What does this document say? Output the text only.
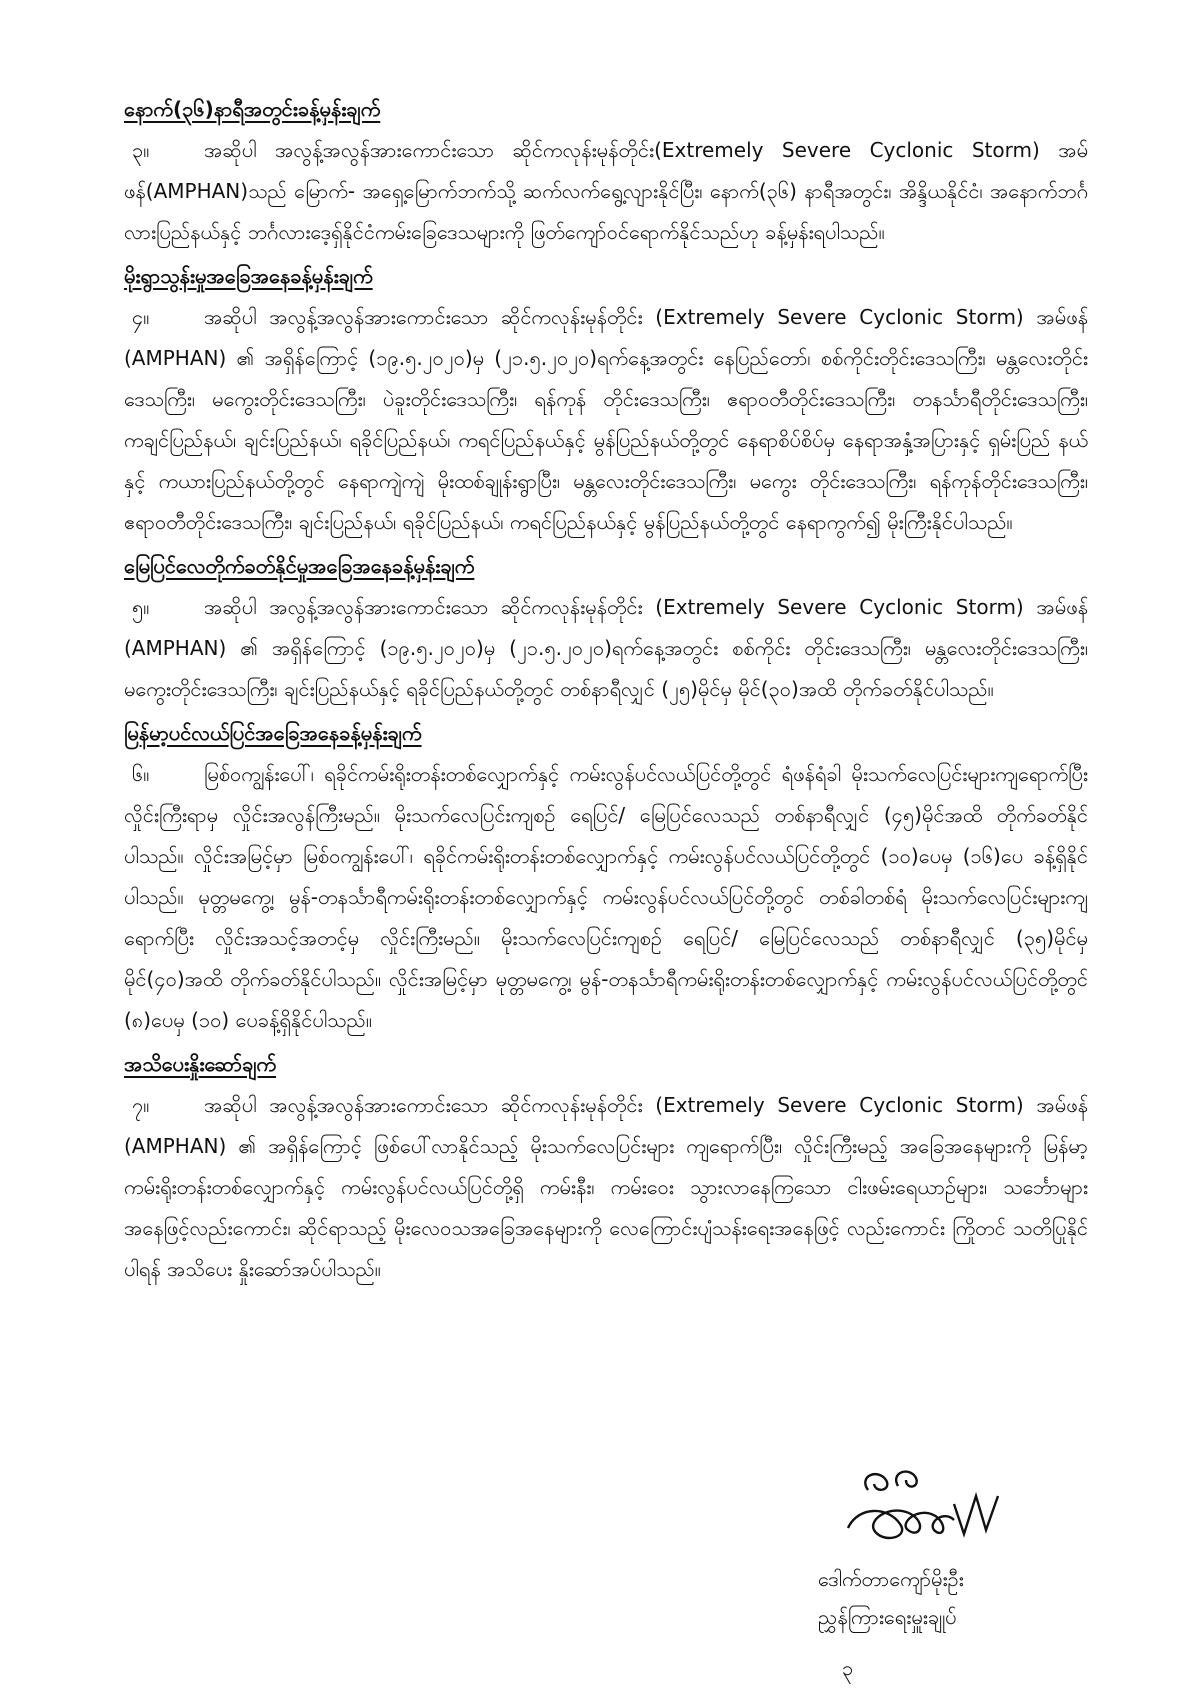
နောက်(၃၆)နာရီအတွင်းခန့်မှန်းချက်

၃။	အဆိုပါ အလွန့်အလွန်အားကောင်းသော ဆိုင်ကလုန်းမုန်တိုင်း(Extremely Severe Cyclonic Storm) အမ်ဖန်(AMPHAN)သည် မြောက်- အရှေ့မြောက်ဘက်သို့ ဆက်လက်ရွေ့လျားနိုင်ပြီး၊ နောက်(၃၆) နာရီအတွင်း၊ အိန္ဒိယနိုင်ငံ၊ အနောက်ဘင်္ဂလားပြည်နယ်နှင့် ဘင်္ဂလားဒေ့ရှ်နိုင်ငံကမ်းခြေဒေသများကို ဖြတ်ကျော်ဝင်ရောက်နိုင်သည်ဟု ခန့်မှန်းရပါသည်။

မိုးရွာသွန်းမှုအခြေအနေခန့်မှန်းချက်

၄။	အဆိုပါ အလွန့်အလွန်အားကောင်းသော ဆိုင်ကလုန်းမုန်တိုင်း (Extremely Severe Cyclonic Storm) အမ်ဖန် (AMPHAN) ၏ အရှိန်ကြောင့် (၁၉.၅.၂၀၂၀)မှ (၂၁.၅.၂၀၂၀)ရက်နေ့အတွင်း နေပြည်တော်၊ စစ်ကိုင်းတိုင်းဒေသကြီး၊ မန္တလေးတိုင်းဒေသကြီး၊ မကွေးတိုင်းဒေသကြီး၊ ပဲခူးတိုင်းဒေသကြီး၊ ရန်ကုန် တိုင်းဒေသကြီး၊ ဧရာဝတီတိုင်းဒေသကြီး၊ တနင်္သာရီတိုင်းဒေသကြီး၊ ကချင်ပြည်နယ်၊ ချင်းပြည်နယ်၊ ရခိုင်ပြည်နယ်၊ ကရင်ပြည်နယ်နှင့် မွန်ပြည်နယ်တို့တွင် နေရာစိပ်စိပ်မှ နေရာအနှံ့အပြားနှင့် ရှမ်းပြည် နယ်နှင့် ကယားပြည်နယ်တို့တွင် နေရာကျဲကျဲ မိုးထစ်ချုန်းရွာပြီး၊ မန္တလေးတိုင်းဒေသကြီး၊ မကွေး တိုင်းဒေသကြီး၊ ရန်ကုန်တိုင်းဒေသကြီး၊ ဧရာဝတီတိုင်းဒေသကြီး၊ ချင်းပြည်နယ်၊ ရခိုင်ပြည်နယ်၊ ကရင်ပြည်နယ်နှင့် မွန်ပြည်နယ်တို့တွင် နေရာကွက်၍ မိုးကြီးနိုင်ပါသည်။

မြေပြင်လေတိုက်ခတ်နိုင်မှုအခြေအနေခန့်မှန်းချက်

၅။	အဆိုပါ အလွန့်အလွန်အားကောင်းသော ဆိုင်ကလုန်းမုန်တိုင်း (Extremely Severe Cyclonic Storm) အမ်ဖန် (AMPHAN) ၏ အရှိန်ကြောင့် (၁၉.၅.၂၀၂၀)မှ (၂၁.၅.၂၀၂၀)ရက်နေ့အတွင်း စစ်ကိုင်း တိုင်းဒေသကြီး၊ မန္တလေးတိုင်းဒေသကြီး၊ မကွေးတိုင်းဒေသကြီး၊ ချင်းပြည်နယ်နှင့် ရခိုင်ပြည်နယ်တို့တွင် တစ်နာရီလျှင် (၂၅)မိုင်မှ မိုင်(၃၀)အထိ တိုက်ခတ်နိုင်ပါသည်။

မြန်မာ့ပင်လယ်ပြင်အခြေအနေခန့်မှန်းချက်

၆။	မြစ်ဝကျွန်းပေါ်၊ ရခိုင်ကမ်းရိုးတန်းတစ်လျှောက်နှင့် ကမ်းလွန်ပင်လယ်ပြင်တို့တွင် ရံဖန်ရံခါ မိုးသက်လေပြင်းများကျရောက်ပြီး လှိုင်းကြီးရာမှ လှိုင်းအလွန်ကြီးမည်။ မိုးသက်လေပြင်းကျစဉ် ရေပြင်/ မြေပြင်လေသည် တစ်နာရီလျှင် (၄၅)မိုင်အထိ တိုက်ခတ်နိုင်ပါသည်။ လှိုင်းအမြင့်မှာ မြစ်ဝကျွန်းပေါ်၊ ရခိုင်ကမ်းရိုးတန်းတစ်လျှောက်နှင့် ကမ်းလွန်ပင်လယ်ပြင်တို့တွင် (၁၀)ပေမှ (၁၆)ပေ ခန့်ရှိနိုင်ပါသည်။ မုတ္တမကွေ့၊ မွန်-တနင်္သာရီကမ်းရိုးတန်းတစ်လျှောက်နှင့် ကမ်းလွန်ပင်လယ်ပြင်တို့တွင် တစ်ခါတစ်ရံ မိုးသက်လေပြင်းများကျရောက်ပြီး လှိုင်းအသင့်အတင့်မှ လှိုင်းကြီးမည်။ မိုးသက်လေပြင်းကျစဉ် ရေပြင်/ မြေပြင်လေသည် တစ်နာရီလျှင် (၃၅)မိုင်မှ မိုင်(၄၀)အထိ တိုက်ခတ်နိုင်ပါသည်။ လှိုင်းအမြင့်မှာ မုတ္တမကွေ့၊ မွန်-တနင်္သာရီကမ်းရိုးတန်းတစ်လျှောက်နှင့် ကမ်းလွန်ပင်လယ်ပြင်တို့တွင် (၈)ပေမှ (၁၀) ပေခန့်ရှိနိုင်ပါသည်။

အသိပေးနှိုးဆော်ချက်

၇။	အဆိုပါ အလွန့်အလွန်အားကောင်းသော ဆိုင်ကလုန်းမုန်တိုင်း (Extremely Severe Cyclonic Storm) အမ်ဖန် (AMPHAN) ၏ အရှိန်ကြောင့် ဖြစ်ပေါ်လာနိုင်သည့် မိုးသက်လေပြင်းများ ကျရောက်ပြီး၊ လှိုင်းကြီးမည့် အခြေအနေများကို မြန်မာ့ကမ်းရိုးတန်းတစ်လျှောက်နှင့် ကမ်းလွန်ပင်လယ်ပြင်တို့ရှိ ကမ်းနီး၊ ကမ်းဝေး သွားလာနေကြသော ငါးဖမ်းရေယာဉ်များ၊ သင်္ဘောများအနေဖြင့်လည်းကောင်း၊ ဆိုင်ရာသည့် မိုးလေဝသအခြေအနေများကို လေကြောင်းပျံသန်းရေးအနေဖြင့် လည်းကောင်း ကြိုတင် သတိပြုနိုင်ပါရန် အသိပေး နှိုးဆော်အပ်ပါသည်။

ဒေါက်တာကျော်မိုးဦး

ညွှန်ကြားရေးမှူးချုပ်

၃
